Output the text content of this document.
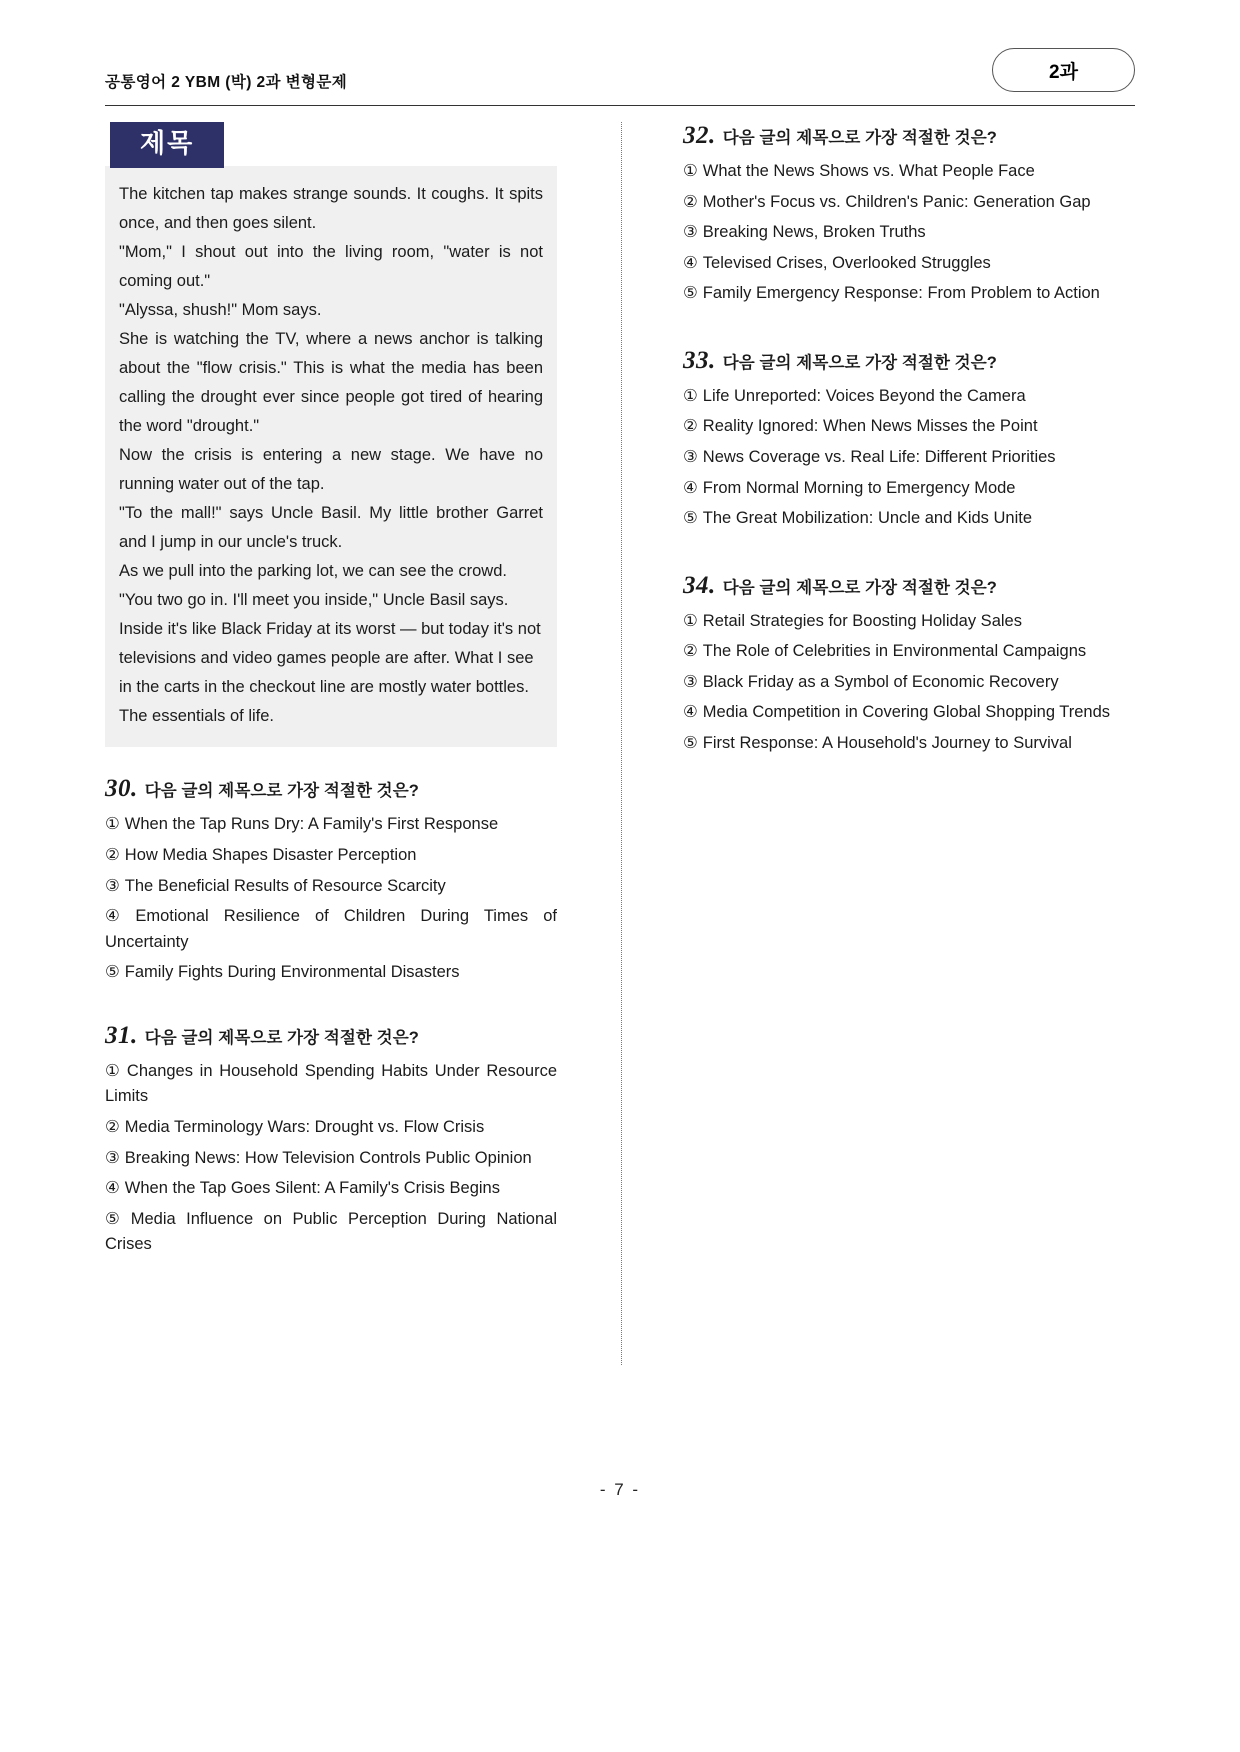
공통영어 2 YBM (박) 2과 변형문제	2과
제목

The kitchen tap makes strange sounds. It coughs. It spits once, and then goes silent.

"Mom," I shout out into the living room, "water is not coming out."

"Alyssa, shush!" Mom says.

She is watching the TV, where a news anchor is talking about the "flow crisis." This is what the media has been calling the drought ever since people got tired of hearing the word "drought."

Now the crisis is entering a new stage. We have no running water out of the tap.

"To the mall!" says Uncle Basil. My little brother Garret and I jump in our uncle's truck.

As we pull into the parking lot, we can see the crowd.

"You two go in. I'll meet you inside," Uncle Basil says.

Inside it's like Black Friday at its worst — but today it's not televisions and video games people are after. What I see in the carts in the checkout line are mostly water bottles. The essentials of life.

30. 다음 글의 제목으로 가장 적절한 것은?
① When the Tap Runs Dry: A Family's First Response
② How Media Shapes Disaster Perception
③ The Beneficial Results of Resource Scarcity
④ Emotional Resilience of Children During Times of Uncertainty
⑤ Family Fights During Environmental Disasters
31. 다음 글의 제목으로 가장 적절한 것은?
① Changes in Household Spending Habits Under Resource Limits
② Media Terminology Wars: Drought vs. Flow Crisis
③ Breaking News: How Television Controls Public Opinion
④ When the Tap Goes Silent: A Family's Crisis Begins
⑤ Media Influence on Public Perception During National Crises
32. 다음 글의 제목으로 가장 적절한 것은?
① What the News Shows vs. What People Face
② Mother's Focus vs. Children's Panic: Generation Gap
③ Breaking News, Broken Truths
④ Televised Crises, Overlooked Struggles
⑤ Family Emergency Response: From Problem to Action
33. 다음 글의 제목으로 가장 적절한 것은?
① Life Unreported: Voices Beyond the Camera
② Reality Ignored: When News Misses the Point
③ News Coverage vs. Real Life: Different Priorities
④ From Normal Morning to Emergency Mode
⑤ The Great Mobilization: Uncle and Kids Unite
34. 다음 글의 제목으로 가장 적절한 것은?
① Retail Strategies for Boosting Holiday Sales
② The Role of Celebrities in Environmental Campaigns
③ Black Friday as a Symbol of Economic Recovery
④ Media Competition in Covering Global Shopping Trends
⑤ First Response: A Household's Journey to Survival
- 7 -
